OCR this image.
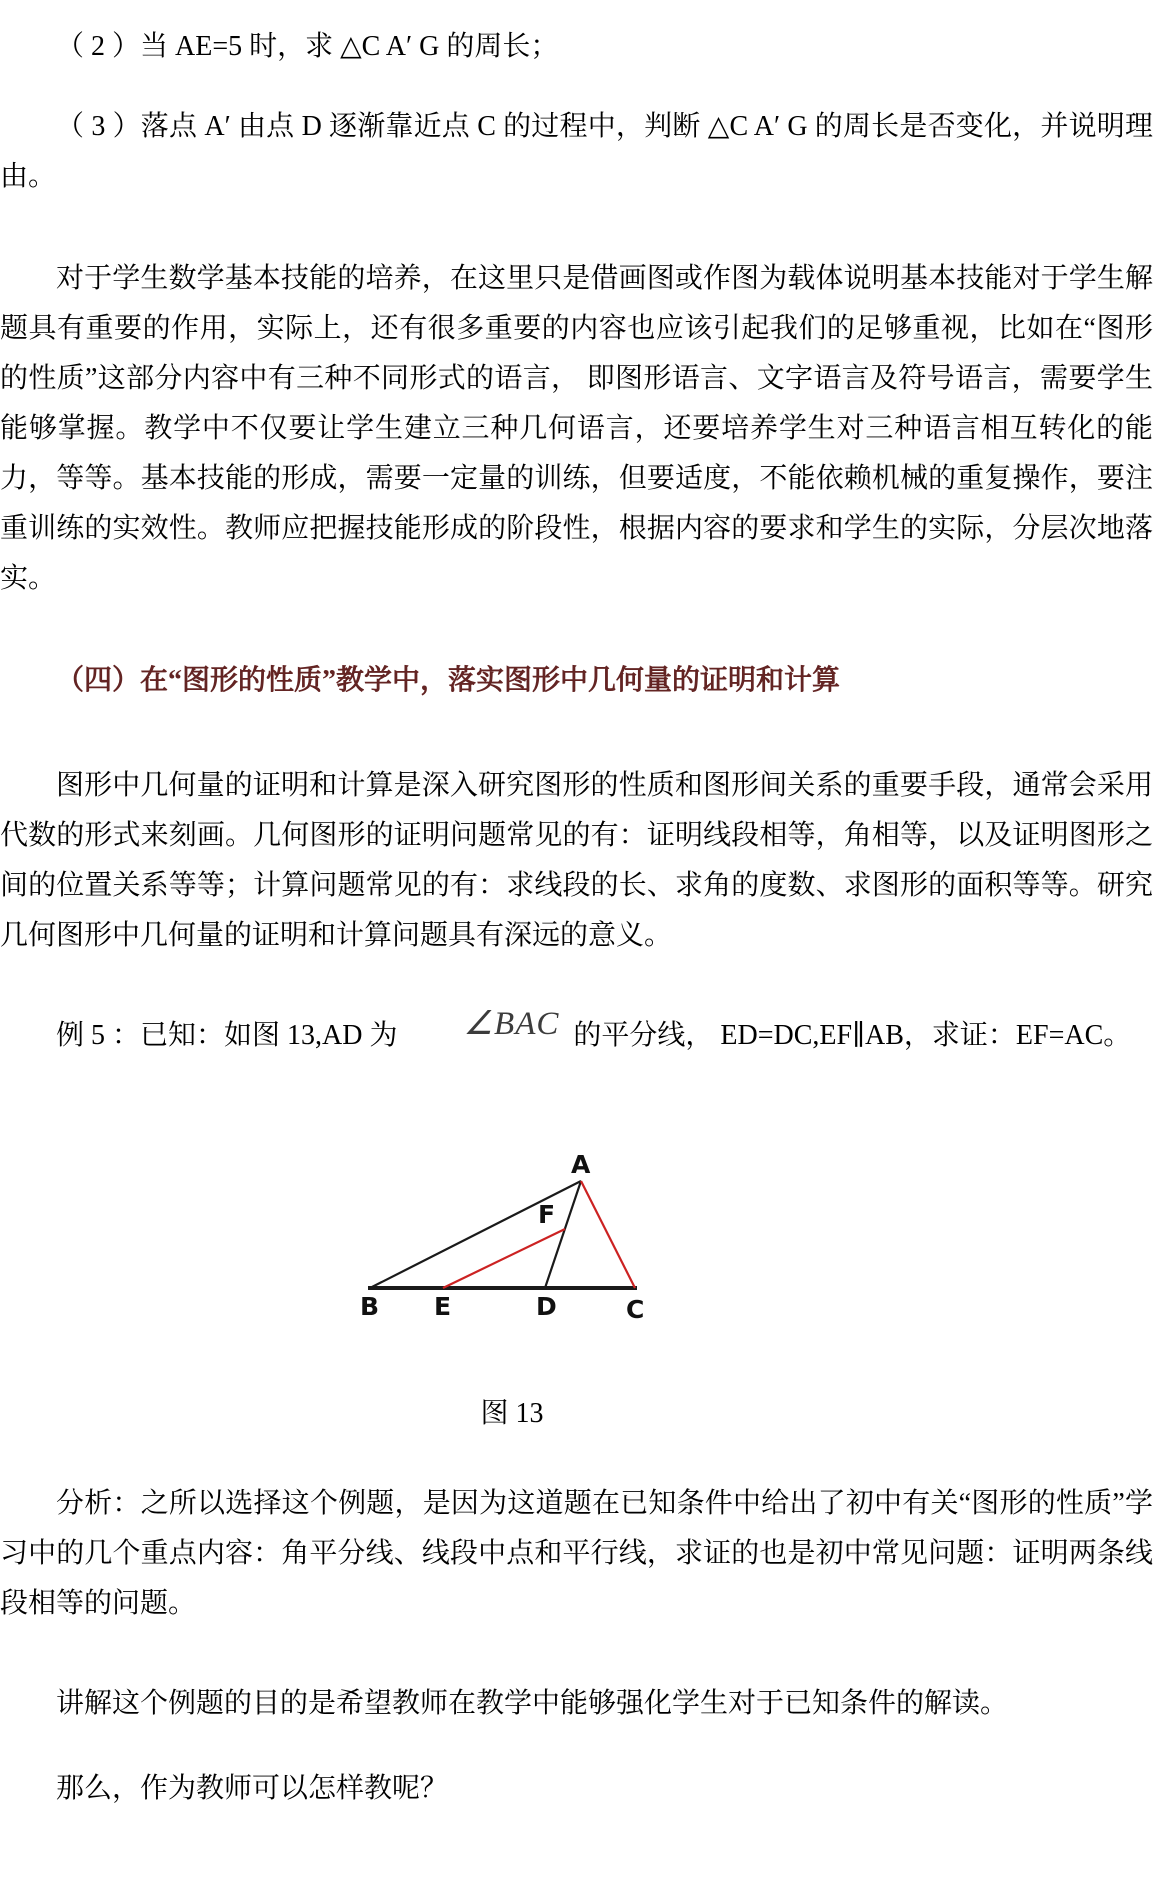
（ 2 ）当 AE=5 时，求 △C A′ G 的周长；

（ 3 ）落点 A′ 由点 D 逐渐靠近点 C 的过程中，判断 △C A′ G 的周长是否变化，并说明理由。

对于学生数学基本技能的培养，在这里只是借画图或作图为载体说明基本技能对于学生解题具有重要的作用，实际上，还有很多重要的内容也应该引起我们的足够重视，比如在“图形的性质”这部分内容中有三种不同形式的语言， 即图形语言、文字语言及符号语言，需要学生能够掌握。教学中不仅要让学生建立三种几何语言，还要培养学生对三种语言相互转化的能力，等等。基本技能的形成，需要一定量的训练，但要适度，不能依赖机械的重复操作，要注重训练的实效性。教师应把握技能形成的阶段性，根据内容的要求和学生的实际，分层次地落实。

（四）在“图形的性质”教学中，落实图形中几何量的证明和计算

图形中几何量的证明和计算是深入研究图形的性质和图形间关系的重要手段，通常会采用代数的形式来刻画。几何图形的证明问题常见的有：证明线段相等，角相等，以及证明图形之间的位置关系等等；计算问题常见的有：求线段的长、求角的度数、求图形的面积等等。研究几何图形中几何量的证明和计算问题具有深远的意义。

例 5 ：已知：如图 13,AD 为 ∠BAC 的平分线， ED=DC,EF∥AB，求证：EF=AC。

A
F
B E	D	C
图 13

分析：之所以选择这个例题，是因为这道题在已知条件中给出了初中有关“图形的性质”学习中的几个重点内容：角平分线、线段中点和平行线，求证的也是初中常见问题：证明两条线段相等的问题。

讲解这个例题的目的是希望教师在教学中能够强化学生对于已知条件的解读。

那么，作为教师可以怎样教呢？
